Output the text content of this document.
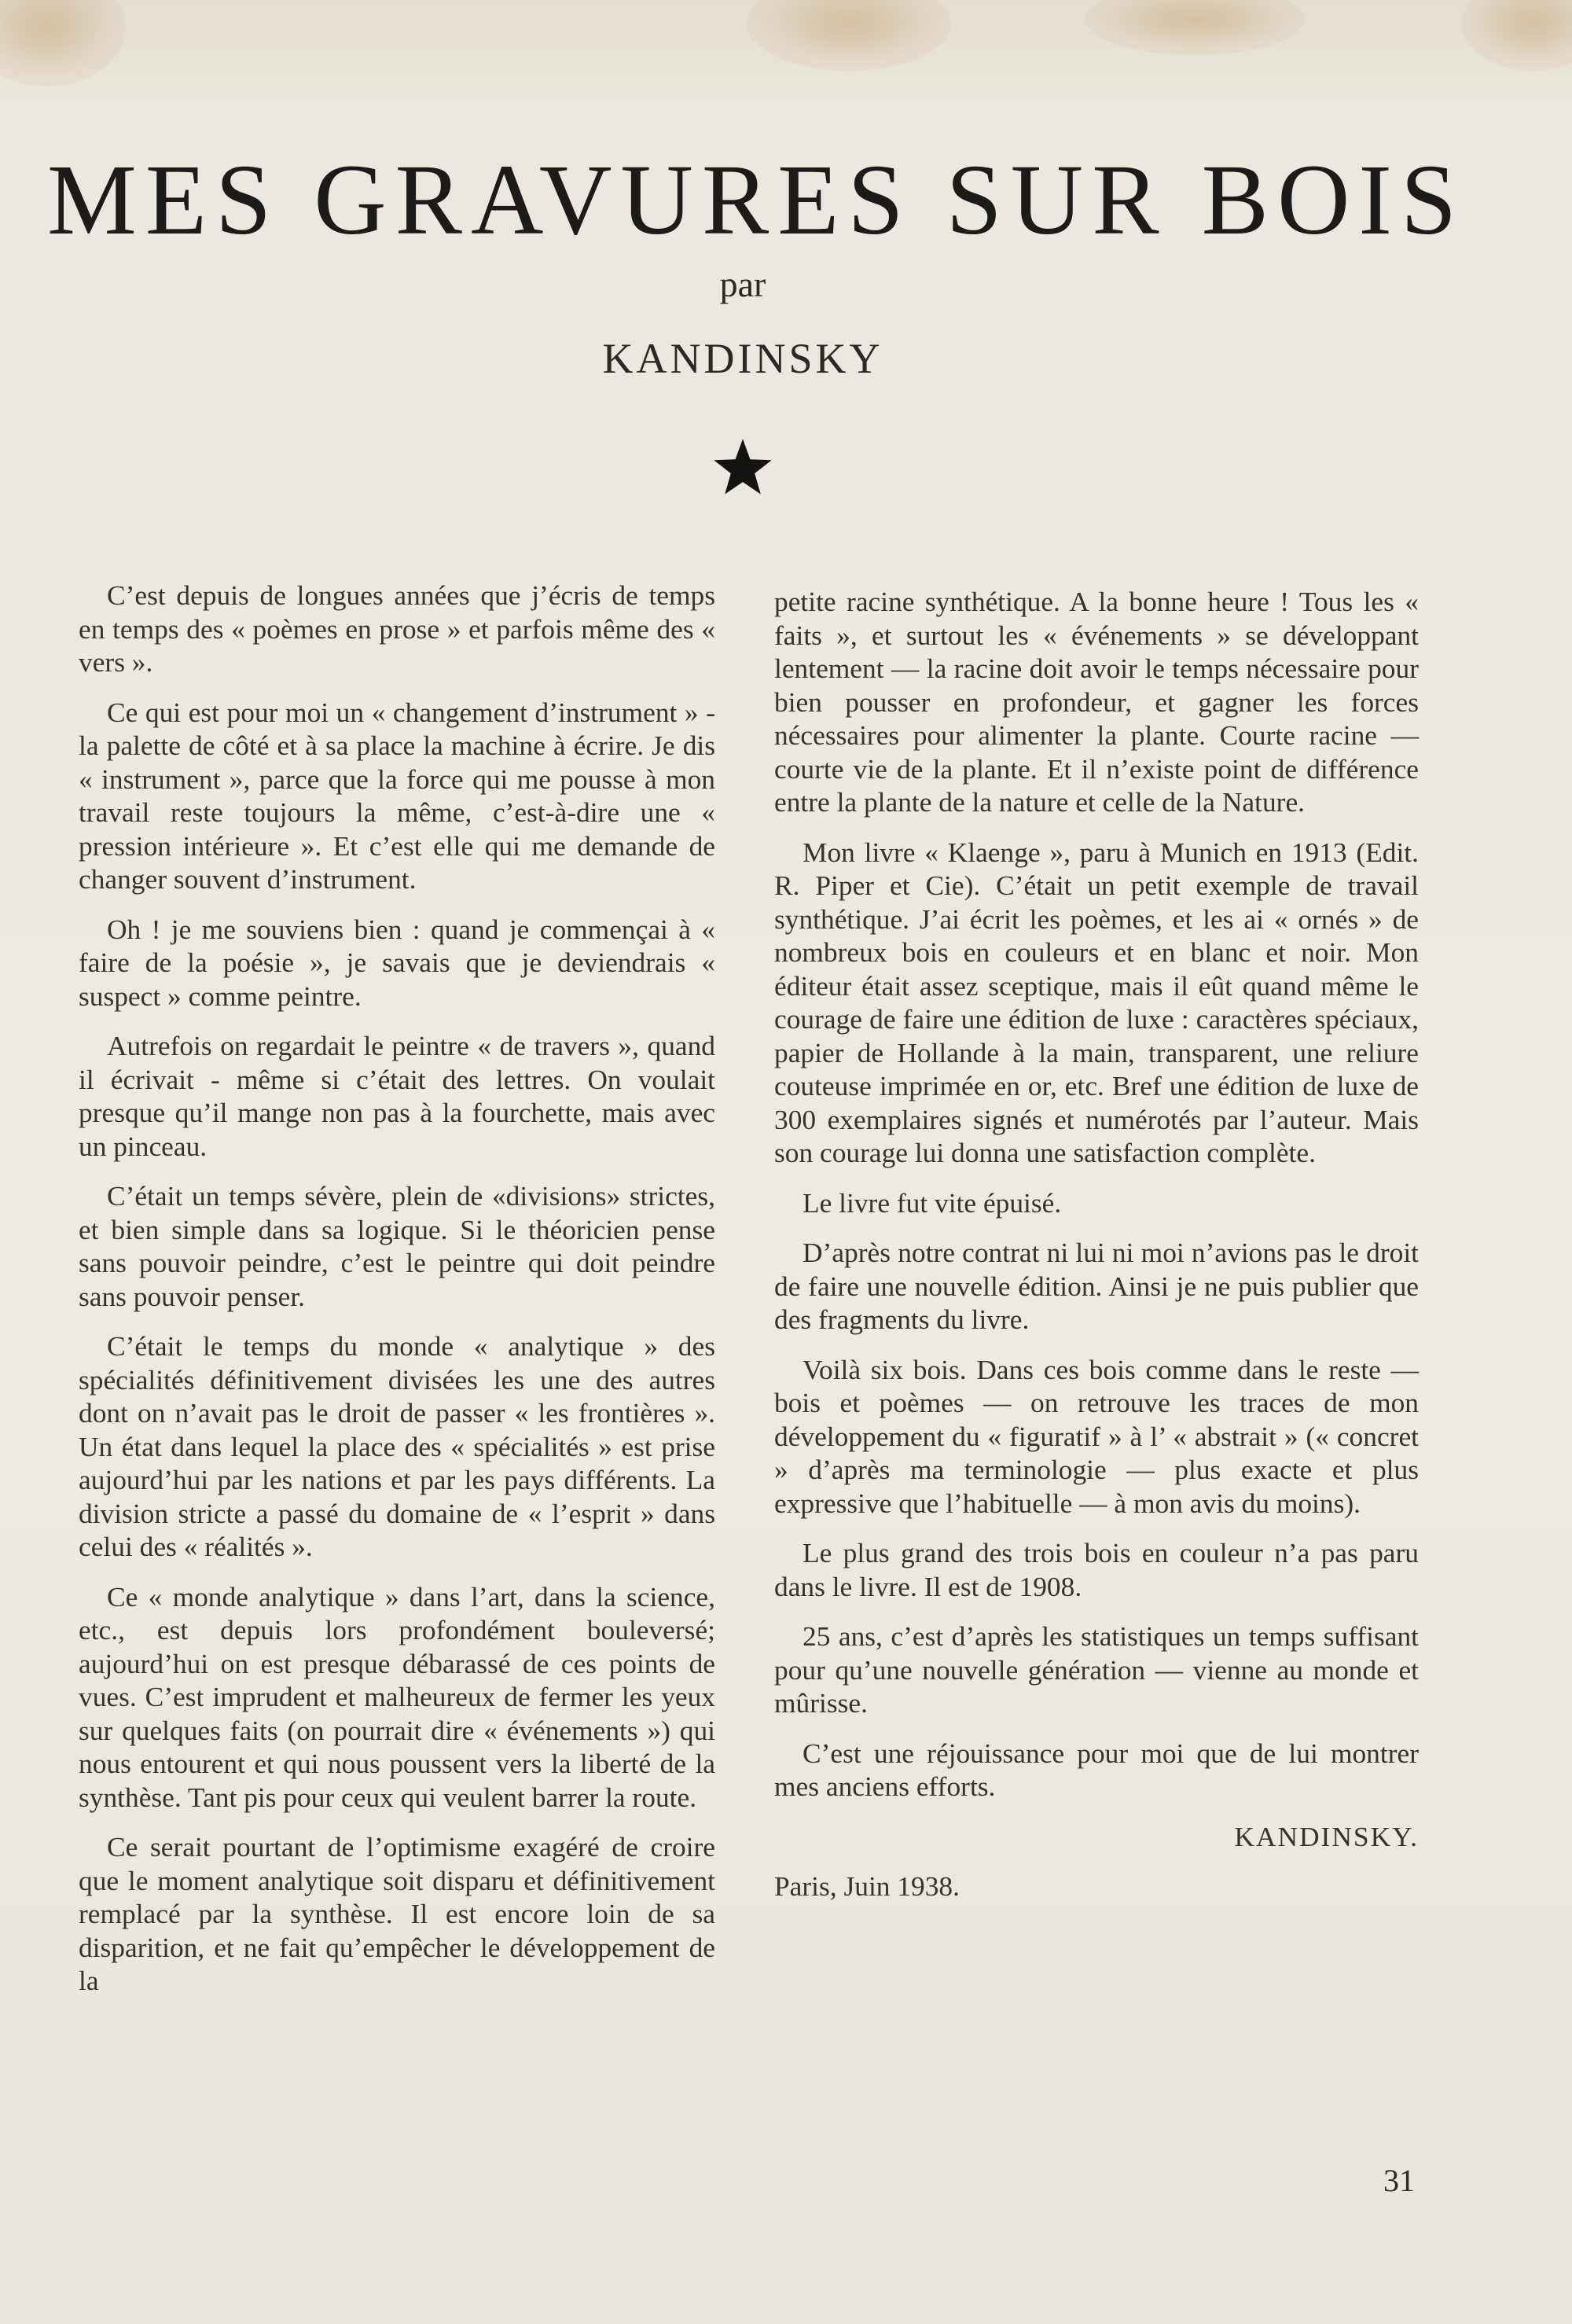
MES GRAVURES SUR BOIS
par
KANDINSKY

C’est depuis de longues années que j’écris de temps en temps des « poèmes en prose » et parfois même des « vers ».

Ce qui est pour moi un « changement d’instrument » - la palette de côté et à sa place la machine à écrire. Je dis « instrument », parce que la force qui me pousse à mon travail reste toujours la même, c’est-à-dire une « pression intérieure ». Et c’est elle qui me demande de changer souvent d’instrument.

Oh ! je me souviens bien : quand je commençai à « faire de la poésie », je savais que je deviendrais « suspect » comme peintre.

Autrefois on regardait le peintre « de travers », quand il écrivait - même si c’était des lettres. On voulait presque qu’il mange non pas à la fourchette, mais avec un pinceau.

C’était un temps sévère, plein de «divisions» strictes, et bien simple dans sa logique. Si le théoricien pense sans pouvoir peindre, c’est le peintre qui doit peindre sans pouvoir penser.

C’était le temps du monde « analytique » des spécialités définitivement divisées les une des autres dont on n’avait pas le droit de passer « les frontières ». Un état dans lequel la place des « spécialités » est prise aujourd’hui par les nations et par les pays différents. La division stricte a passé du domaine de « l’esprit » dans celui des « réalités ».

Ce « monde analytique » dans l’art, dans la science, etc., est depuis lors profondément bouleversé; aujourd’hui on est presque débarassé de ces points de vues. C’est imprudent et malheureux de fermer les yeux sur quelques faits (on pourrait dire « événements ») qui nous entourent et qui nous poussent vers la liberté de la synthèse. Tant pis pour ceux qui veulent barrer la route.

Ce serait pourtant de l’optimisme exagéré de croire que le moment analytique soit disparu et définitivement remplacé par la synthèse. Il est encore loin de sa disparition, et ne fait qu’empêcher le développement de la

petite racine synthétique. A la bonne heure ! Tous les « faits », et surtout les « événements » se développant lentement — la racine doit avoir le temps nécessaire pour bien pousser en profondeur, et gagner les forces nécessaires pour alimenter la plante. Courte racine — courte vie de la plante. Et il n’existe point de différence entre la plante de la nature et celle de la Nature.

Mon livre « Klaenge », paru à Munich en 1913 (Edit. R. Piper et Cie). C’était un petit exemple de travail synthétique. J’ai écrit les poèmes, et les ai « ornés » de nombreux bois en couleurs et en blanc et noir. Mon éditeur était assez sceptique, mais il eût quand même le courage de faire une édition de luxe : caractères spéciaux, papier de Hollande à la main, transparent, une reliure couteuse imprimée en or, etc. Bref une édition de luxe de 300 exemplaires signés et numérotés par l’auteur. Mais son courage lui donna une satisfaction complète.

Le livre fut vite épuisé.

D’après notre contrat ni lui ni moi n’avions pas le droit de faire une nouvelle édition. Ainsi je ne puis publier que des fragments du livre.

Voilà six bois. Dans ces bois comme dans le reste — bois et poèmes — on retrouve les traces de mon développement du « figuratif » à l’ « abstrait » (« concret » d’après ma terminologie — plus exacte et plus expressive que l’habituelle — à mon avis du moins).

Le plus grand des trois bois en couleur n’a pas paru dans le livre. Il est de 1908.

25 ans, c’est d’après les statistiques un temps suffisant pour qu’une nouvelle génération — vienne au monde et mûrisse.

C’est une réjouissance pour moi que de lui montrer mes anciens efforts.

KANDINSKY.

Paris, Juin 1938.

31
